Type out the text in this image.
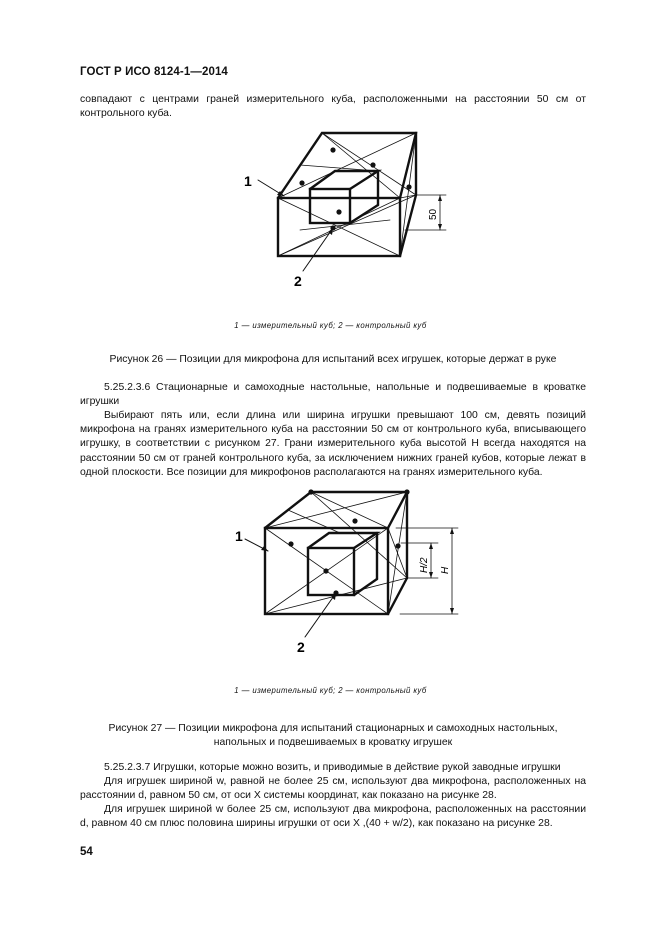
ГОСТ Р ИСО 8124-1—2014
совпадают с центрами граней измерительного куба, расположенными на расстоянии 50 см от контрольного куба.
1
2
50
1 — измерительный куб; 2 — контрольный куб
Рисунок 26 — Позиции для микрофона для испытаний всех игрушек, которые держат в руке
5.25.2.3.6 Стационарные и самоходные настольные, напольные и подвешиваемые в кроватке игрушки
Выбирают пять или, если длина или ширина игрушки превышают 100 см, девять позиций микрофона на гранях измерительного куба на расстоянии 50 см от контрольного куба, вписывающего игрушку, в соответствии с рисунком 27. Грани измерительного куба высотой H всегда находятся на расстоянии 50 см от граней контрольного куба, за исключением нижних граней кубов, которые лежат в одной плоскости. Все позиции для микрофонов располагаются на гранях измерительного куба.
1
2
H/2 H
1 — измерительный куб; 2 — контрольный куб
Рисунок 27 — Позиции микрофона для испытаний стационарных и самоходных настольных,
напольных и подвешиваемых в кроватку игрушек
5.25.2.3.7 Игрушки, которые можно возить, и приводимые в действие рукой заводные игрушки
Для игрушек шириной w, равной не более 25 см, используют два микрофона, расположенных на расстоянии d, равном 50 см, от оси X системы координат, как показано на рисунке 28.
Для игрушек шириной w более 25 см, используют два микрофона, расположенных на расстоянии d, равном 40 см плюс половина ширины игрушки от оси X ,(40 + w/2), как показано на рисунке 28.
54
